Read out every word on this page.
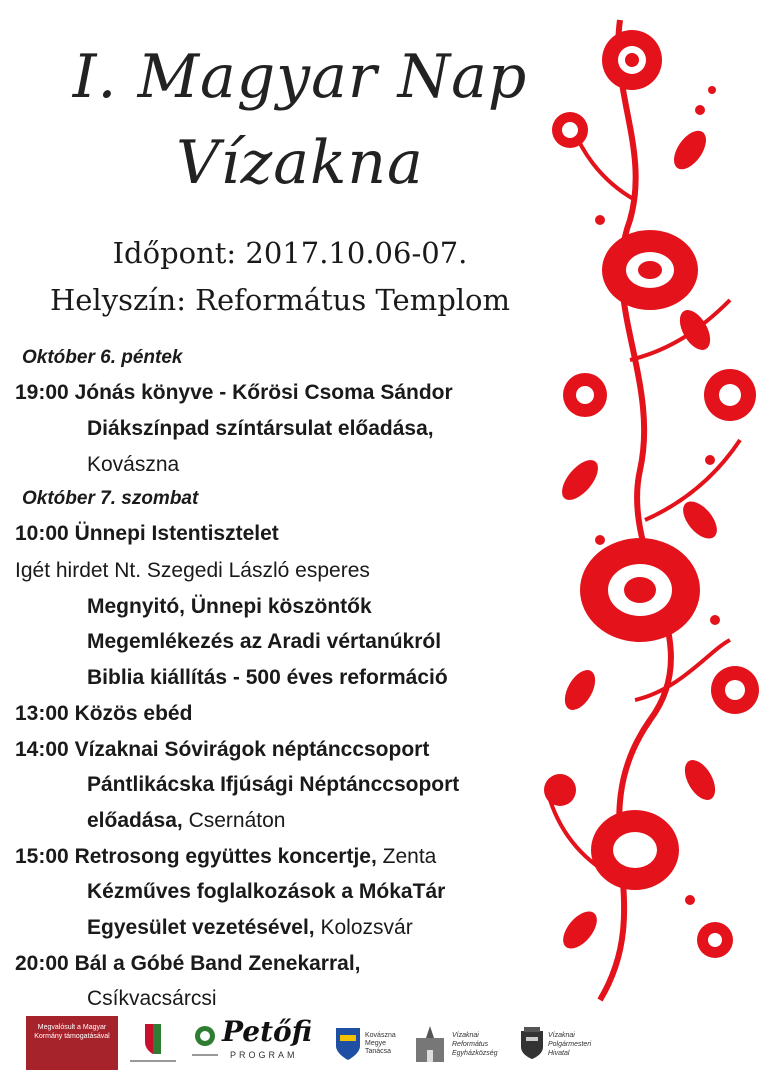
I. Magyar Nap
Vízakna
Időpont: 2017.10.06-07.
Helyszín: Református Templom
Október 6. péntek
19:00 Jónás könyve - Kőrösi Csoma Sándor
Diákszínpad színtársulat előadása,
Kovászna
Október 7. szombat
10:00 Ünnepi Istentisztelet
Igét hirdet Nt. Szegedi László esperes
Megnyitó, Ünnepi köszöntők
Megemlékezés az Aradi vértanúkról
Biblia kiállítás - 500 éves reformáció
13:00 Közös ebéd
14:00 Vízaknai Sóvirágok néptánccsoport
Pántlikácska Ifjúsági Néptánccsoport
előadása, Csernáton
15:00 Retrosong együttes koncertje, Zenta
Kézműves foglalkozások a MókaTár
Egyesület vezetésével, Kolozsvár
20:00 Bál a Góbé Band Zenekarral,
Csíkvacsárcsi
Megvalósult a Magyar Kormány támogatásával	Petőfi
PROGRAM
Kovászna Megye Tanácsa
Vízaknai Református Egyházközség
Vízaknai Polgármesteri Hivatal
